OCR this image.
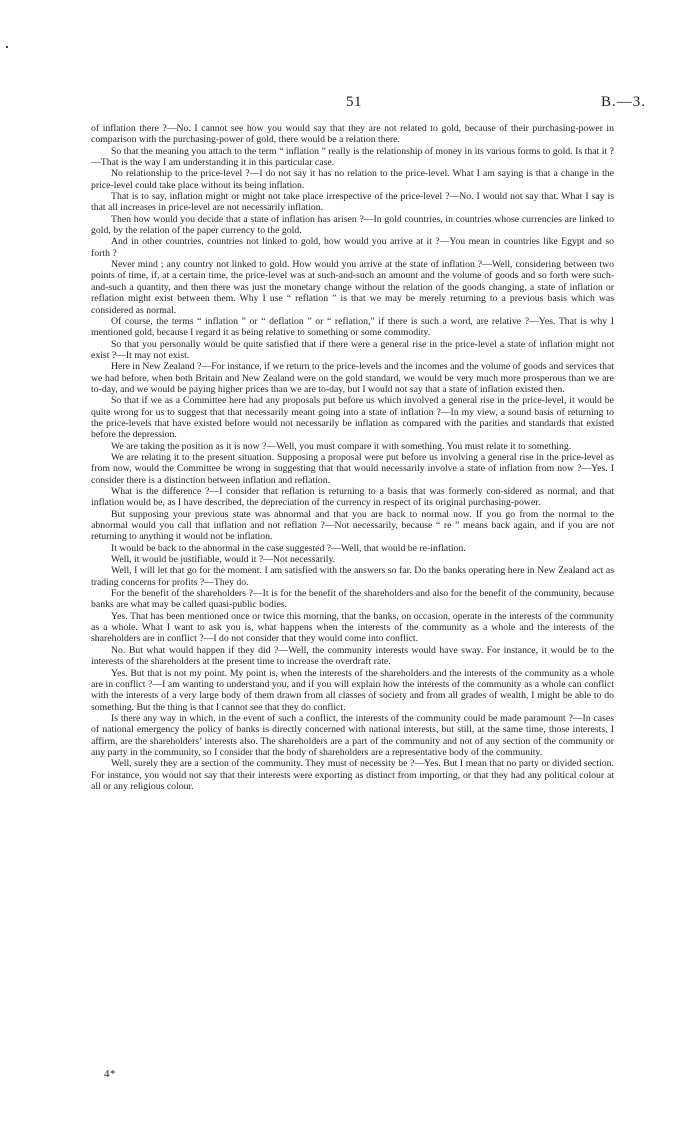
51	B.—3.

of inflation there ?—No. I cannot see how you would say that they are not related to gold, because of their purchasing-power in comparison with the purchasing-power of gold, there would be a relation there.

So that the meaning you attach to the term “ inflation ” really is the relationship of money in its various forms to gold. Is that it ?—That is the way I am understanding it in this particular case.

No relationship to the price-level ?—I do not say it has no relation to the price-level. What I am saying is that a change in the price-level could take place without its being inflation.

That is to say, inflation might or might not take place irrespective of the price-level ?—No. I would not say that. What I say is that all increases in price-level are not necessarily inflation.

Then how would you decide that a state of inflation has arisen ?—In gold countries, in countries whose currencies are linked to gold, by the relation of the paper currency to the gold.

And in other countries, countries not linked to gold, how would you arrive at it ?—You mean in countries like Egypt and so forth ?

Never mind ; any country not linked to gold. How would you arrive at the state of inflation ?—Well, considering between two points of time, if, at a certain time, the price-level was at such-and-such an amount and the volume of goods and so forth were such-and-such a quantity, and then there was just the monetary change without the relation of the goods changing, a state of inflation or reflation might exist between them. Why I use “ reflation ” is that we may be merely returning to a previous basis which was considered as normal.

Of course, the terms “ inflation ” or “ deflation ” or “ reflation,” if there is such a word, are relative ?—Yes. That is why I mentioned gold, because I regard it as being relative to something or some commodity.

So that you personally would be quite satisfied that if there were a general rise in the price-level a state of inflation might not exist ?—It may not exist.

Here in New Zealand ?—For instance, if we return to the price-levels and the incomes and the volume of goods and services that we had before, when both Britain and New Zealand were on the gold standard, we would be very much more prosperous than we are to-day, and we would be paying higher prices than we are to-day, but I would not say that a state of inflation existed then.

So that if we as a Committee here had any proposals put before us which involved a general rise in the price-level, it would be quite wrong for us to suggest that that necessarily meant going into a state of inflation ?—In my view, a sound basis of returning to the price-levels that have existed before would not necessarily be inflation as compared with the parities and standards that existed before the depression.

We are taking the position as it is now ?—Well, you must compare it with something. You must relate it to something.

We are relating it to the present situation. Supposing a proposal were put before us involving a general rise in the price-level as from now, would the Committee be wrong in suggesting that that would necessarily involve a state of inflation from now ?—Yes. I consider there is a distinction between inflation and reflation.

What is the difference ?—I consider that reflation is returning to a basis that was formerly con-sidered as normal, and that inflation would be, as I have described, the depreciation of the currency in respect of its original purchasing-power.

But supposing your previous state was abnormal and that you are back to normal now. If you go from the normal to the abnormal would you call that inflation and not reflation ?—Not necessarily, because “ re ” means back again, and if you are not returning to anything it would not be inflation.

It would be back to the abnormal in the case suggested ?—Well, that would be re-inflation.

Well, it would be justifiable, would it ?—Not necessarily.

Well, I will let that go for the moment. I am satisfied with the answers so far. Do the banks operating here in New Zealand act as trading concerns for profits ?—They do.

For the benefit of the shareholders ?—It is for the benefit of the shareholders and also for the benefit of the community, because banks are what may be called quasi-public bodies.

Yes. That has been mentioned once or twice this morning, that the banks, on occasion, operate in the interests of the community as a whole. What I want to ask you is, what happens when the interests of the community as a whole and the interests of the shareholders are in conflict ?—I do not consider that they would come into conflict.

No. But what would happen if they did ?—Well, the community interests would have sway. For instance, it would be to the interests of the shareholders at the present time to increase the overdraft rate.

Yes. But that is not my point. My point is, when the interests of the shareholders and the interests of the community as a whole are in conflict ?—I am wanting to understand you, and if you will explain how the interests of the community as a whole can conflict with the interests of a very large body of them drawn from all classes of society and from all grades of wealth, I might be able to do something. But the thing is that I cannot see that they do conflict.

Is there any way in which, in the event of such a conflict, the interests of the community could be made paramount ?—In cases of national emergency the policy of banks is directly concerned with national interests, but still, at the same time, those interests, I affirm, are the shareholders’ interests also. The shareholders are a part of the community and not of any section of the community or any party in the community, so I consider that the body of shareholders are a representative body of the community.

Well, surely they are a section of the community. They must of necessity be ?—Yes. But I mean that no party or divided section. For instance, you would not say that their interests were exporting as distinct from importing, or that they had any political colour at all or any religious colour.

4*
